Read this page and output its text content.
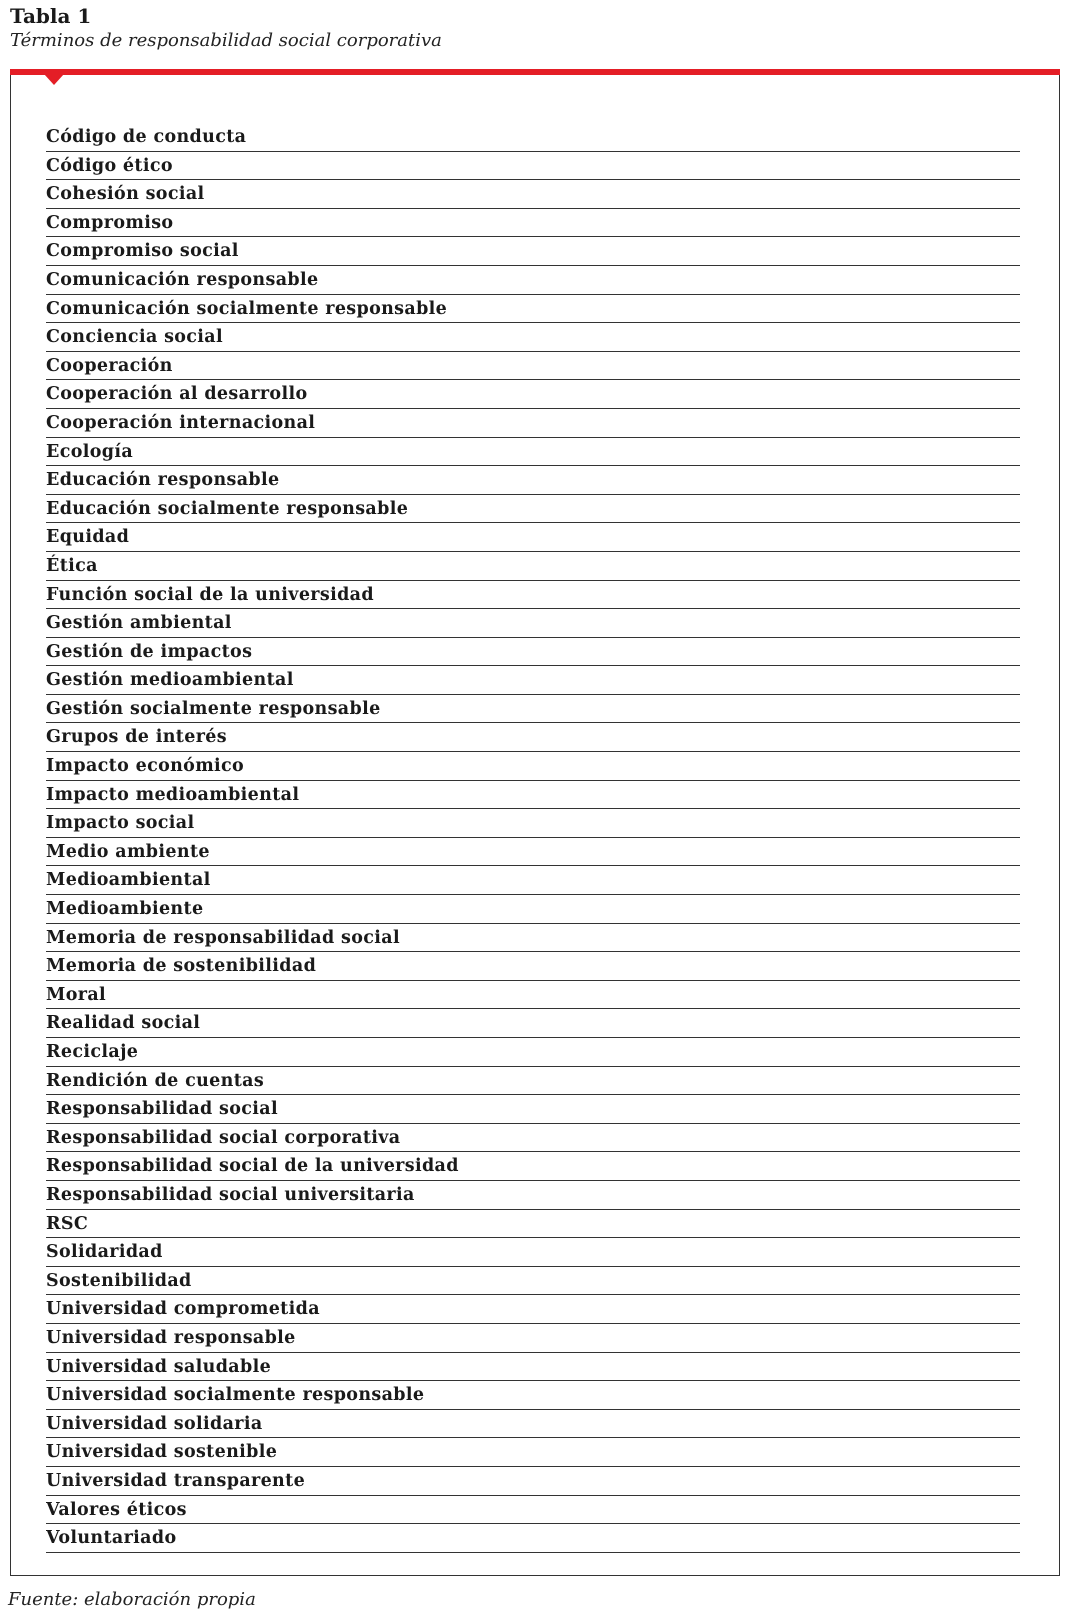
Tabla 1

Términos de responsabilidad social corporativa

Código de conducta
Código ético
Cohesión social
Compromiso
Compromiso social
Comunicación responsable
Comunicación socialmente responsable
Conciencia social
Cooperación
Cooperación al desarrollo
Cooperación internacional
Ecología
Educación responsable
Educación socialmente responsable
Equidad
Ética
Función social de la universidad
Gestión ambiental
Gestión de impactos
Gestión medioambiental
Gestión socialmente responsable
Grupos de interés
Impacto económico
Impacto medioambiental
Impacto social
Medio ambiente
Medioambiental
Medioambiente
Memoria de responsabilidad social
Memoria de sostenibilidad
Moral
Realidad social
Reciclaje
Rendición de cuentas
Responsabilidad social
Responsabilidad social corporativa
Responsabilidad social de la universidad
Responsabilidad social universitaria
RSC
Solidaridad
Sostenibilidad
Universidad comprometida
Universidad responsable
Universidad saludable
Universidad socialmente responsable
Universidad solidaria
Universidad sostenible
Universidad transparente
Valores éticos
Voluntariado

Fuente: elaboración propia
